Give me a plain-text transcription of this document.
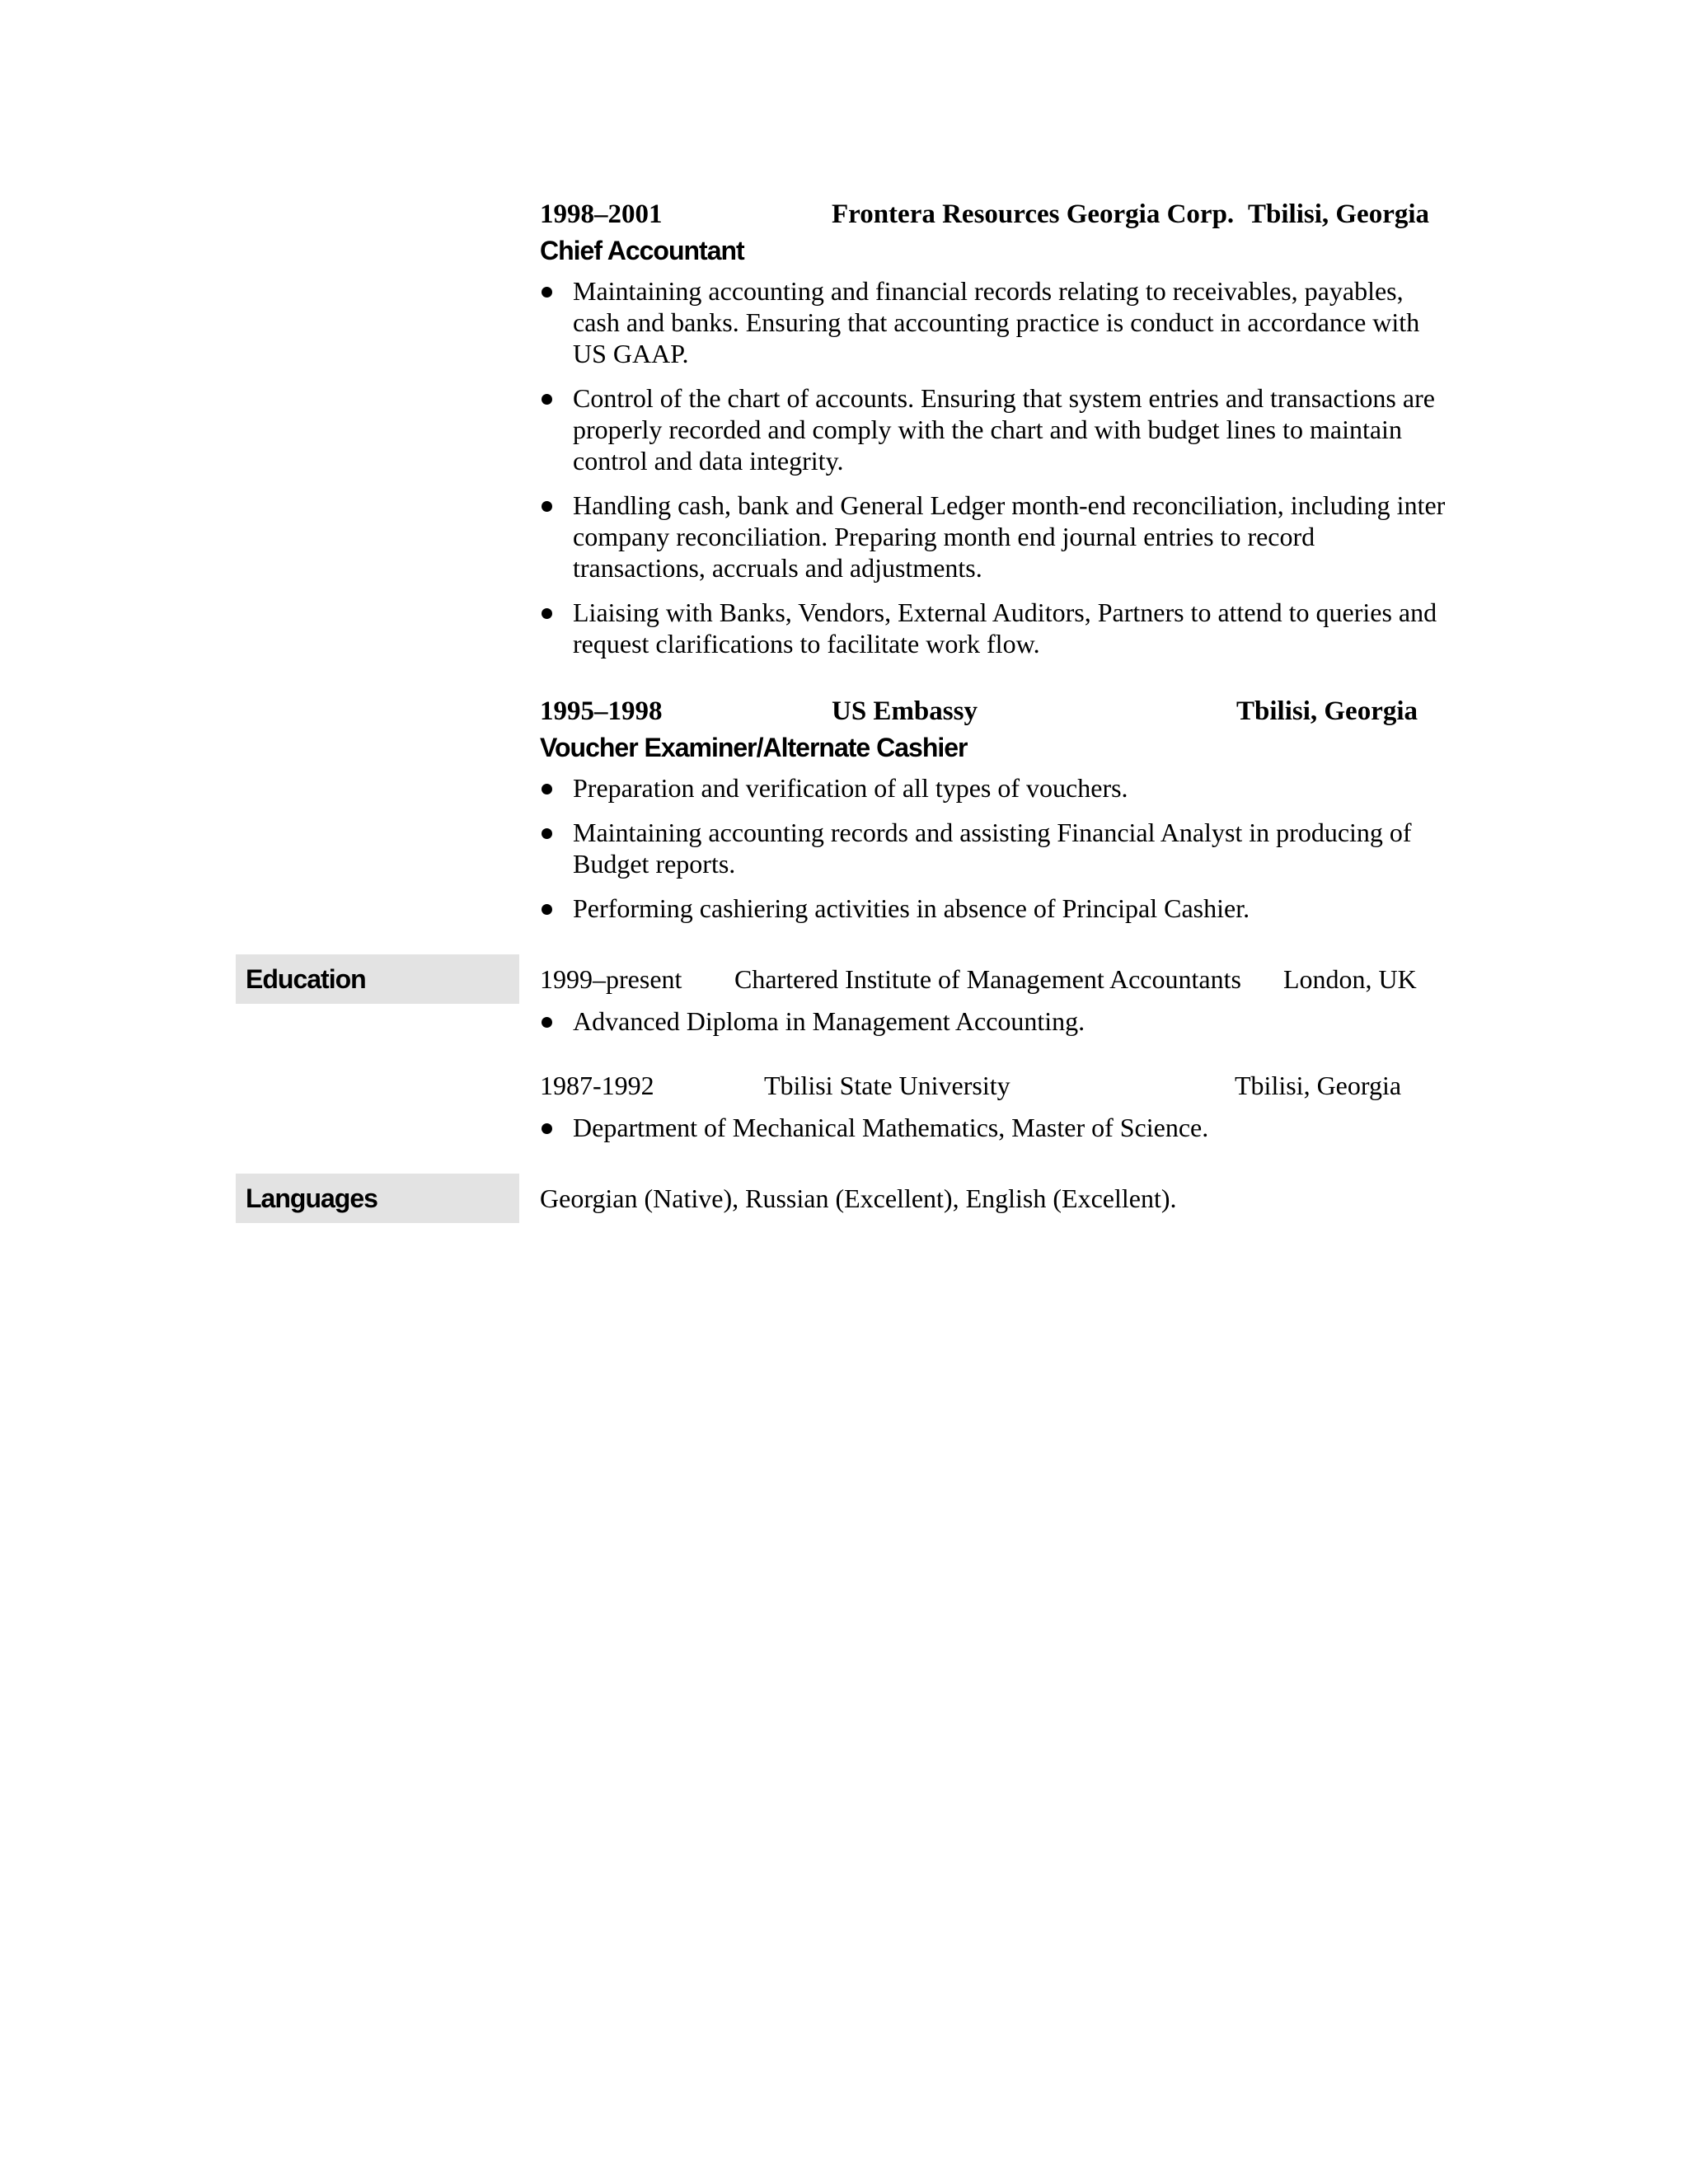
1998–2001	Frontera Resources Georgia Corp. Tbilisi, Georgia
Chief Accountant
Maintaining accounting and financial records relating to receivables, payables, cash and banks. Ensuring that accounting practice is conduct in accordance with US GAAP.
Control of the chart of accounts. Ensuring that system entries and transactions are properly recorded and comply with the chart and with budget lines to maintain control and data integrity.
Handling cash, bank and General Ledger month-end reconciliation, including inter company reconciliation. Preparing month end journal entries to record transactions, accruals and adjustments.
Liaising with Banks, Vendors, External Auditors, Partners to attend to queries and request clarifications to facilitate work flow.
1995–1998	US Embassy	Tbilisi, Georgia
Voucher Examiner/Alternate Cashier
Preparation and verification of all types of vouchers.
Maintaining accounting records and assisting Financial Analyst in producing of Budget reports.
Performing cashiering activities in absence of Principal Cashier.
Education	1999–present Chartered Institute of Management Accountants London, UK
Advanced Diploma in Management Accounting.
1987-1992	Tbilisi State University	Tbilisi, Georgia
Department of Mechanical Mathematics, Master of Science.
Languages	Georgian (Native), Russian (Excellent), English (Excellent).
